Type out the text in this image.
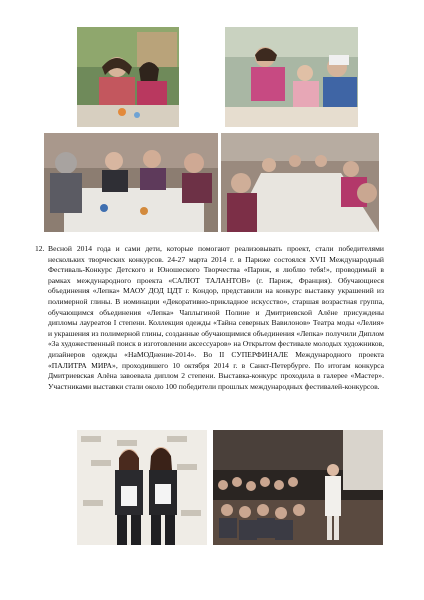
12. Весной 2014 года и сами дети, которые помогают реализовывать проект, стали победителями нескольких творческих конкурсов. 24-27 марта 2014 г. в Париже состоялся XVII Международный Фестиваль-Конкурс Детского и Юношеского Творчества «Париж, я люблю тебя!», проводимый в рамках международного проекта «САЛЮТ ТАЛАНТОВ» (г. Париж, Франция). Обучающиеся объединения «Лепка» МАОУ ДОД ЦДТ г. Кондор, представили на конкурс выставку украшений из полимерной глины. В номинации «Декоративно-прикладное искусство», старшая возрастная группа, обучающимся объединения «Лепка» Чаплыгиной Полине и Дмитриевской Алёне присуждены дипломы лауреатов I степени. Коллекция одежды «Тайна северных Вавилонов» Театра моды «Лелия» и украшения из полимерной глины, созданные обучающимися объединения «Лепка» получили Диплом «За художественный поиск в изготовлении аксессуаров» на Открытом фестивале молодых художников, дизайнеров одежды «НаМОДнение-2014». Во II СУПЕРФИНАЛЕ Международного проекта «ПАЛИТРА МИРА», проходившего 10 октября 2014 г. в Санкт-Петербурге. По итогам конкурса Дмитриевская Алёна завоевала диплом 2 степени. Выставка-конкурс проходила в галерее «Мастер». Участниками выставки стали около 100 победители прошлых международных фестивалей-конкурсов.
